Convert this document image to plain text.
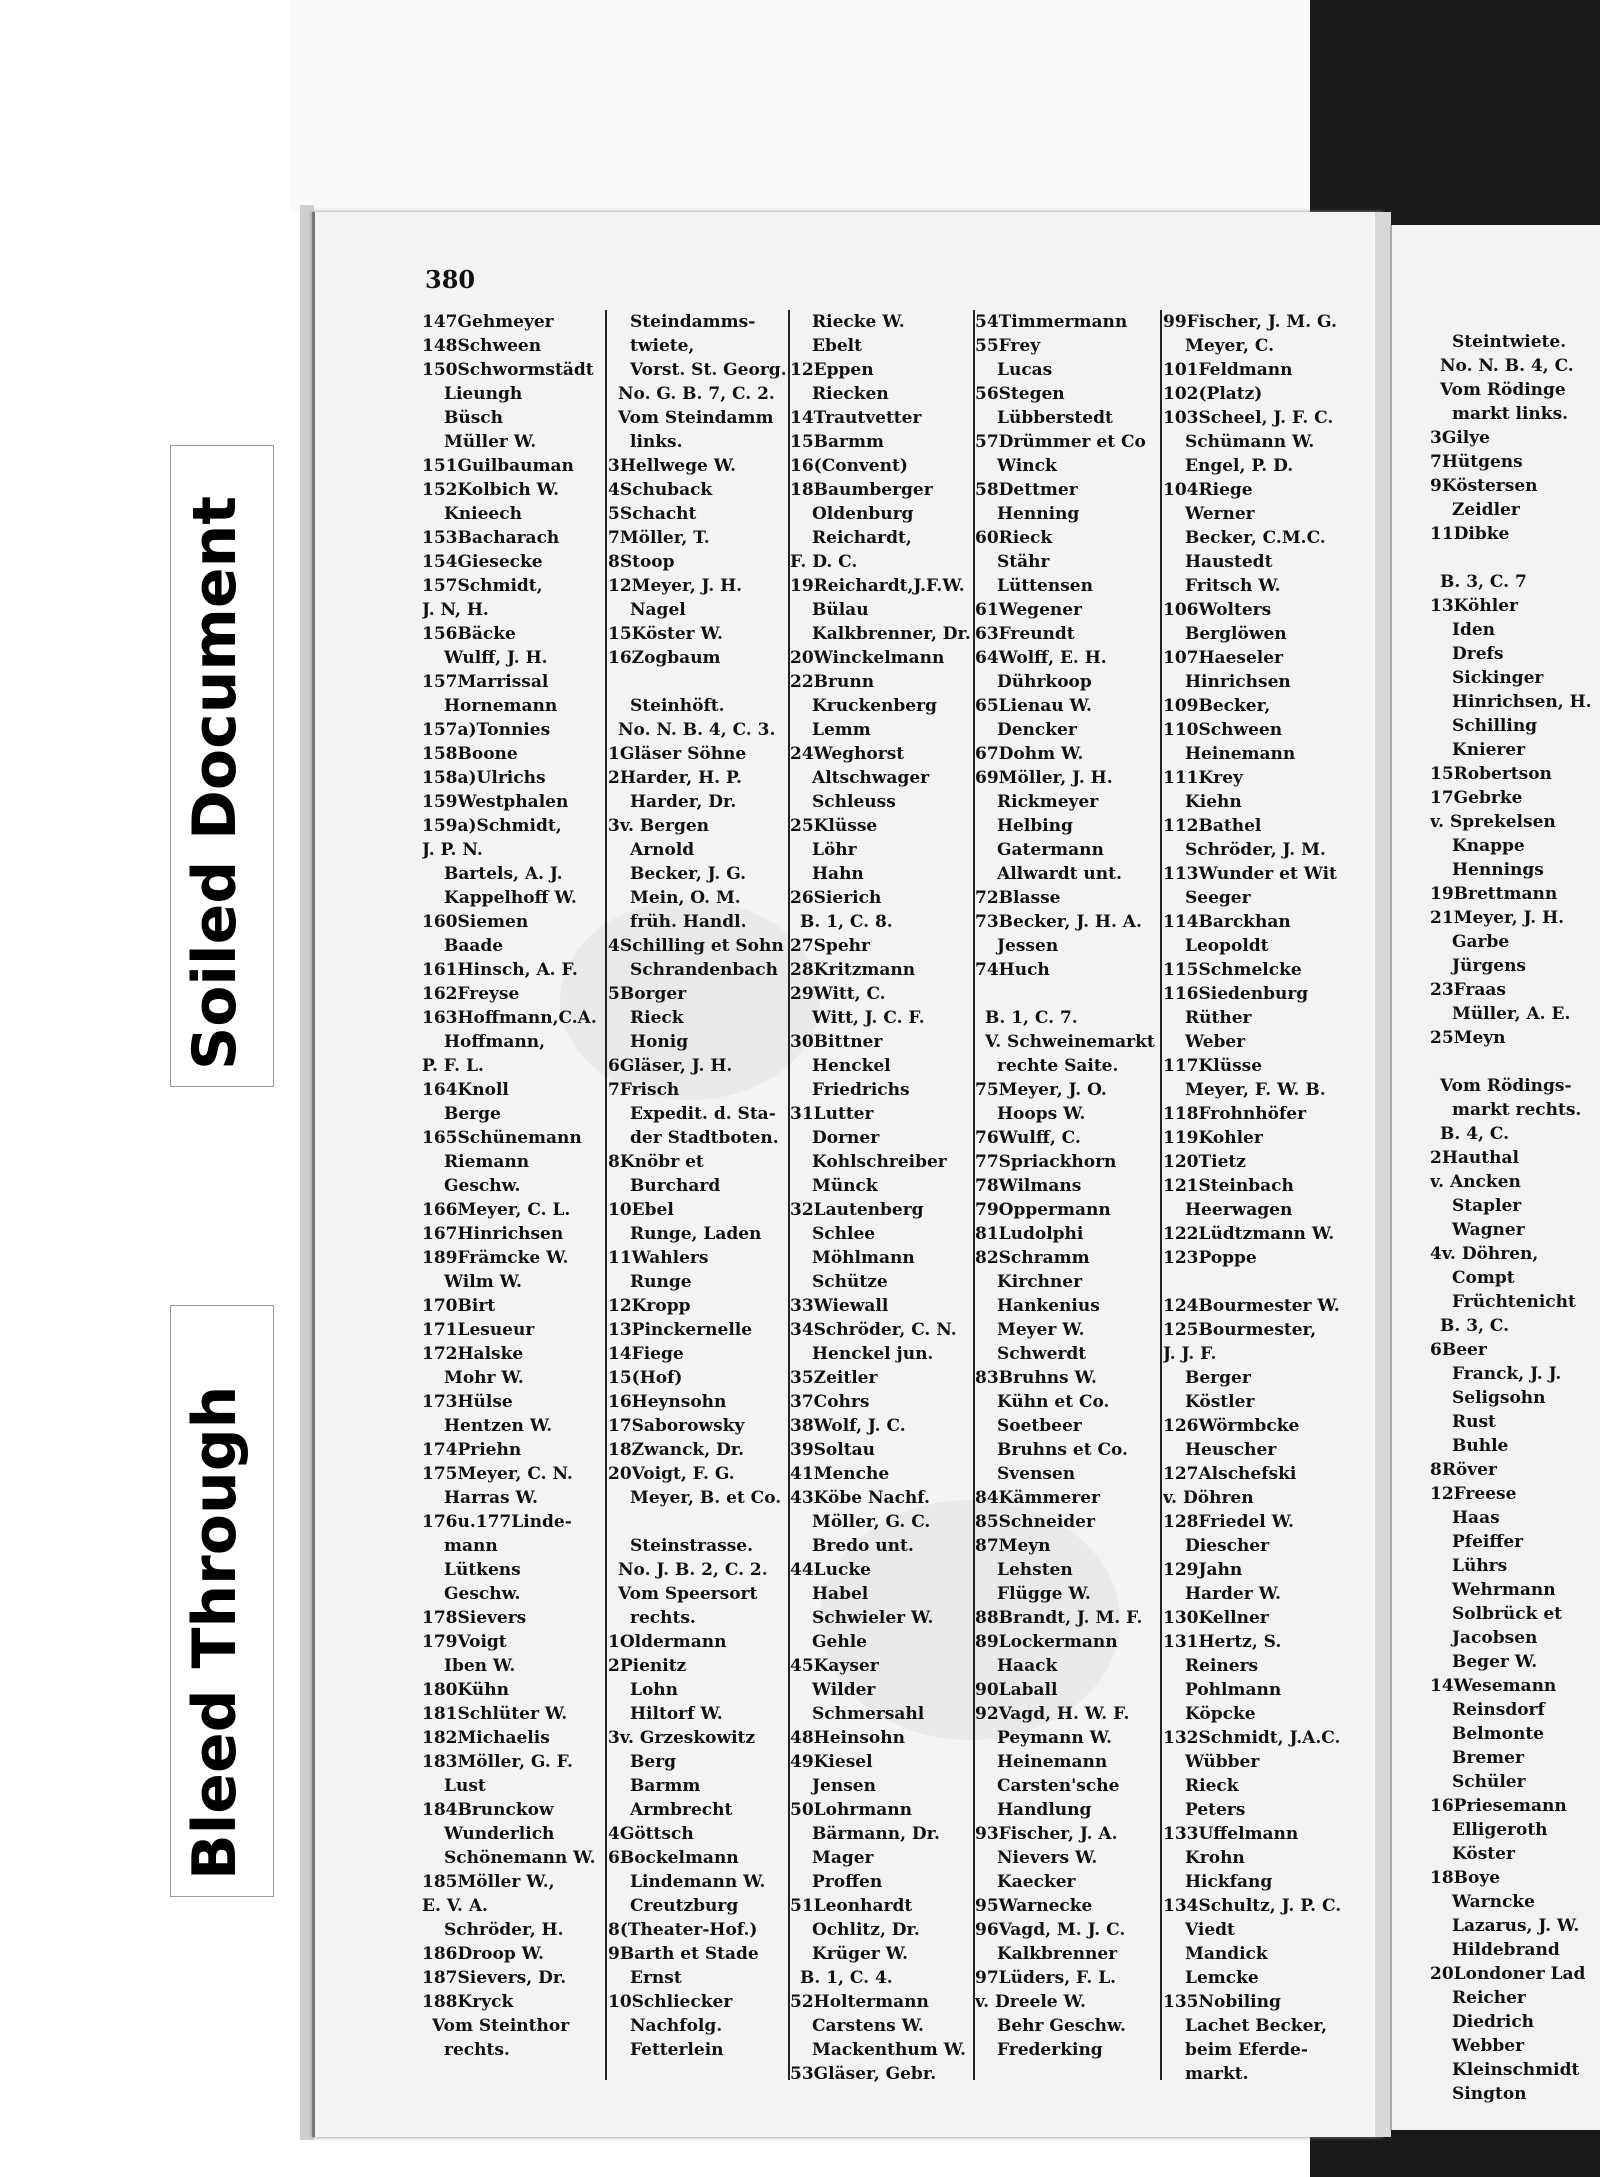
Soiled Document
Bleed Through
380
147Gehmeyer
148Schween
150Schwormstädt
Lieungh
Büsch
Müller W.
151Guilbauman
152Kolbich W.
Knieech
153Bacharach
154Giesecke
157Schmidt,
J. N, H.
156Bäcke
Wulff, J. H.
157Marrissal
Hornemann
157a)Tonnies
158Boone
158a)Ulrichs
159Westphalen
159a)Schmidt,
J. P. N.
Bartels, A. J.
Kappelhoff W.
160Siemen
Baade
161Hinsch, A. F.
162Freyse
163Hoffmann,C.A.
Hoffmann,
P. F. L.
164Knoll
Berge
165Schünemann
Riemann
Geschw.
166Meyer, C. L.
167Hinrichsen
189Främcke W.
Wilm W.
170Birt
171Lesueur
172Halske
Mohr W.
173Hülse
Hentzen W.
174Priehn
175Meyer, C. N.
Harras W.
176u.177Linde-
mann
Lütkens
Geschw.
178Sievers
179Voigt
Iben W.
180Kühn
181Schlüter W.
182Michaelis
183Möller, G. F.
Lust
184Brunckow
Wunderlich
Schönemann W.
185Möller W.,
E. V. A.
Schröder, H.
186Droop W.
187Sievers, Dr.
188Kryck
Vom Steinthor
rechts.
Steindamms-
twiete,
Vorst. St. Georg.
No. G. B. 7, C. 2.
Vom Steindamm
links.
3Hellwege W.
4Schuback
5Schacht
7Möller, T.
8Stoop
12Meyer, J. H.
Nagel
15Köster W.
16Zogbaum
Steinhöft.
No. N. B. 4, C. 3.
1Gläser Söhne
2Harder, H. P.
Harder, Dr.
3v. Bergen
Arnold
Becker, J. G.
Mein, O. M.
früh. Handl.
4Schilling et Sohn
Schrandenbach
5Borger
Rieck
Honig
6Gläser, J. H.
7Frisch
Expedit. d. Sta-
der Stadtboten.
8Knöbr et
Burchard
10Ebel
Runge, Laden
11Wahlers
Runge
12Kropp
13Pinckernelle
14Fiege
15(Hof)
16Heynsohn
17Saborowsky
18Zwanck, Dr.
20Voigt, F. G.
Meyer, B. et Co.
Steinstrasse.
No. J. B. 2, C. 2.
Vom Speersort
rechts.
1Oldermann
2Pienitz
Lohn
Hiltorf W.
3v. Grzeskowitz
Berg
Barmm
Armbrecht
4Göttsch
6Bockelmann
Lindemann W.
Creutzburg
8(Theater-Hof.)
9Barth et Stade
Ernst
10Schliecker
Nachfolg.
Fetterlein
Riecke W.
Ebelt
12Eppen
Riecken
14Trautvetter
15Barmm
16(Convent)
18Baumberger
Oldenburg
Reichardt,
F. D. C.
19Reichardt,J.F.W.
Bülau
Kalkbrenner, Dr.
20Winckelmann
22Brunn
Kruckenberg
Lemm
24Weghorst
Altschwager
Schleuss
25Klüsse
Löhr
Hahn
26Sierich
B. 1, C. 8.
27Spehr
28Kritzmann
29Witt, C.
Witt, J. C. F.
30Bittner
Henckel
Friedrichs
31Lutter
Dorner
Kohlschreiber
Münck
32Lautenberg
Schlee
Möhlmann
Schütze
33Wiewall
34Schröder, C. N.
Henckel jun.
35Zeitler
37Cohrs
38Wolf, J. C.
39Soltau
41Menche
43Köbe Nachf.
Möller, G. C.
Bredo unt.
44Lucke
Habel
Schwieler W.
Gehle
45Kayser
Wilder
Schmersahl
48Heinsohn
49Kiesel
Jensen
50Lohrmann
Bärmann, Dr.
Mager
Proffen
51Leonhardt
Ochlitz, Dr.
Krüger W.
B. 1, C. 4.
52Holtermann
Carstens W.
Mackenthum W.
53Gläser, Gebr.
54Timmermann
55Frey
Lucas
56Stegen
Lübberstedt
57Drümmer et Co
Winck
58Dettmer
Henning
60Rieck
Stähr
Lüttensen
61Wegener
63Freundt
64Wolff, E. H.
Dührkoop
65Lienau W.
Dencker
67Dohm W.
69Möller, J. H.
Rickmeyer
Helbing
Gatermann
Allwardt unt.
72Blasse
73Becker, J. H. A.
Jessen
74Huch
B. 1, C. 7.
V. Schweinemarkt
rechte Saite.
75Meyer, J. O.
Hoops W.
76Wulff, C.
77Spriackhorn
78Wilmans
79Oppermann
81Ludolphi
82Schramm
Kirchner
Hankenius
Meyer W.
Schwerdt
83Bruhns W.
Kühn et Co.
Soetbeer
Bruhns et Co.
Svensen
84Kämmerer
85Schneider
87Meyn
Lehsten
Flügge W.
88Brandt, J. M. F.
89Lockermann
Haack
90Laball
92Vagd, H. W. F.
Peymann W.
Heinemann
Carsten'sche
Handlung
93Fischer, J. A.
Nievers W.
Kaecker
95Warnecke
96Vagd, M. J. C.
Kalkbrenner
97Lüders, F. L.
v. Dreele W.
Behr Geschw.
Frederking
99Fischer, J. M. G.
Meyer, C.
101Feldmann
102(Platz)
103Scheel, J. F. C.
Schümann W.
Engel, P. D.
104Riege
Werner
Becker, C.M.C.
Haustedt
Fritsch W.
106Wolters
Berglöwen
107Haeseler
Hinrichsen
109Becker,
110Schween
Heinemann
111Krey
Kiehn
112Bathel
Schröder, J. M.
113Wunder et Wit
Seeger
114Barckhan
Leopoldt
115Schmelcke
116Siedenburg
Rüther
Weber
117Klüsse
Meyer, F. W. B.
118Frohnhöfer
119Kohler
120Tietz
121Steinbach
Heerwagen
122Lüdtzmann W.
123Poppe
124Bourmester W.
125Bourmester,
J. J. F.
Berger
Köstler
126Wörmbcke
Heuscher
127Alschefski
v. Döhren
128Friedel W.
Diescher
129Jahn
Harder W.
130Kellner
131Hertz, S.
Reiners
Pohlmann
Köpcke
132Schmidt, J.A.C.
Wübber
Rieck
Peters
133Uffelmann
Krohn
Hickfang
134Schultz, J. P. C.
Viedt
Mandick
Lemcke
135Nobiling
Lachet Becker,
beim Eferde-
markt.
Steintwiete.
No. N. B. 4, C.
Vom Rödinge
markt links.
3Gilye
7Hütgens
9Köstersen
Zeidler
11Dibke
B. 3, C. 7
13Köhler
Iden
Drefs
Sickinger
Hinrichsen, H.
Schilling
Knierer
15Robertson
17Gebrke
v. Sprekelsen
Knappe
Hennings
19Brettmann
21Meyer, J. H.
Garbe
Jürgens
23Fraas
Müller, A. E.
25Meyn
Vom Rödings-
markt rechts.
B. 4, C.
2Hauthal
v. Ancken
Stapler
Wagner
4v. Döhren,
Compt
Früchtenicht
B. 3, C.
6Beer
Franck, J. J.
Seligsohn
Rust
Buhle
8Röver
12Freese
Haas
Pfeiffer
Lührs
Wehrmann
Solbrück et
Jacobsen
Beger W.
14Wesemann
Reinsdorf
Belmonte
Bremer
Schüler
16Priesemann
Elligeroth
Köster
18Boye
Warncke
Lazarus, J. W.
Hildebrand
20Londoner Lad
Reicher
Diedrich
Webber
Kleinschmidt
Sington
